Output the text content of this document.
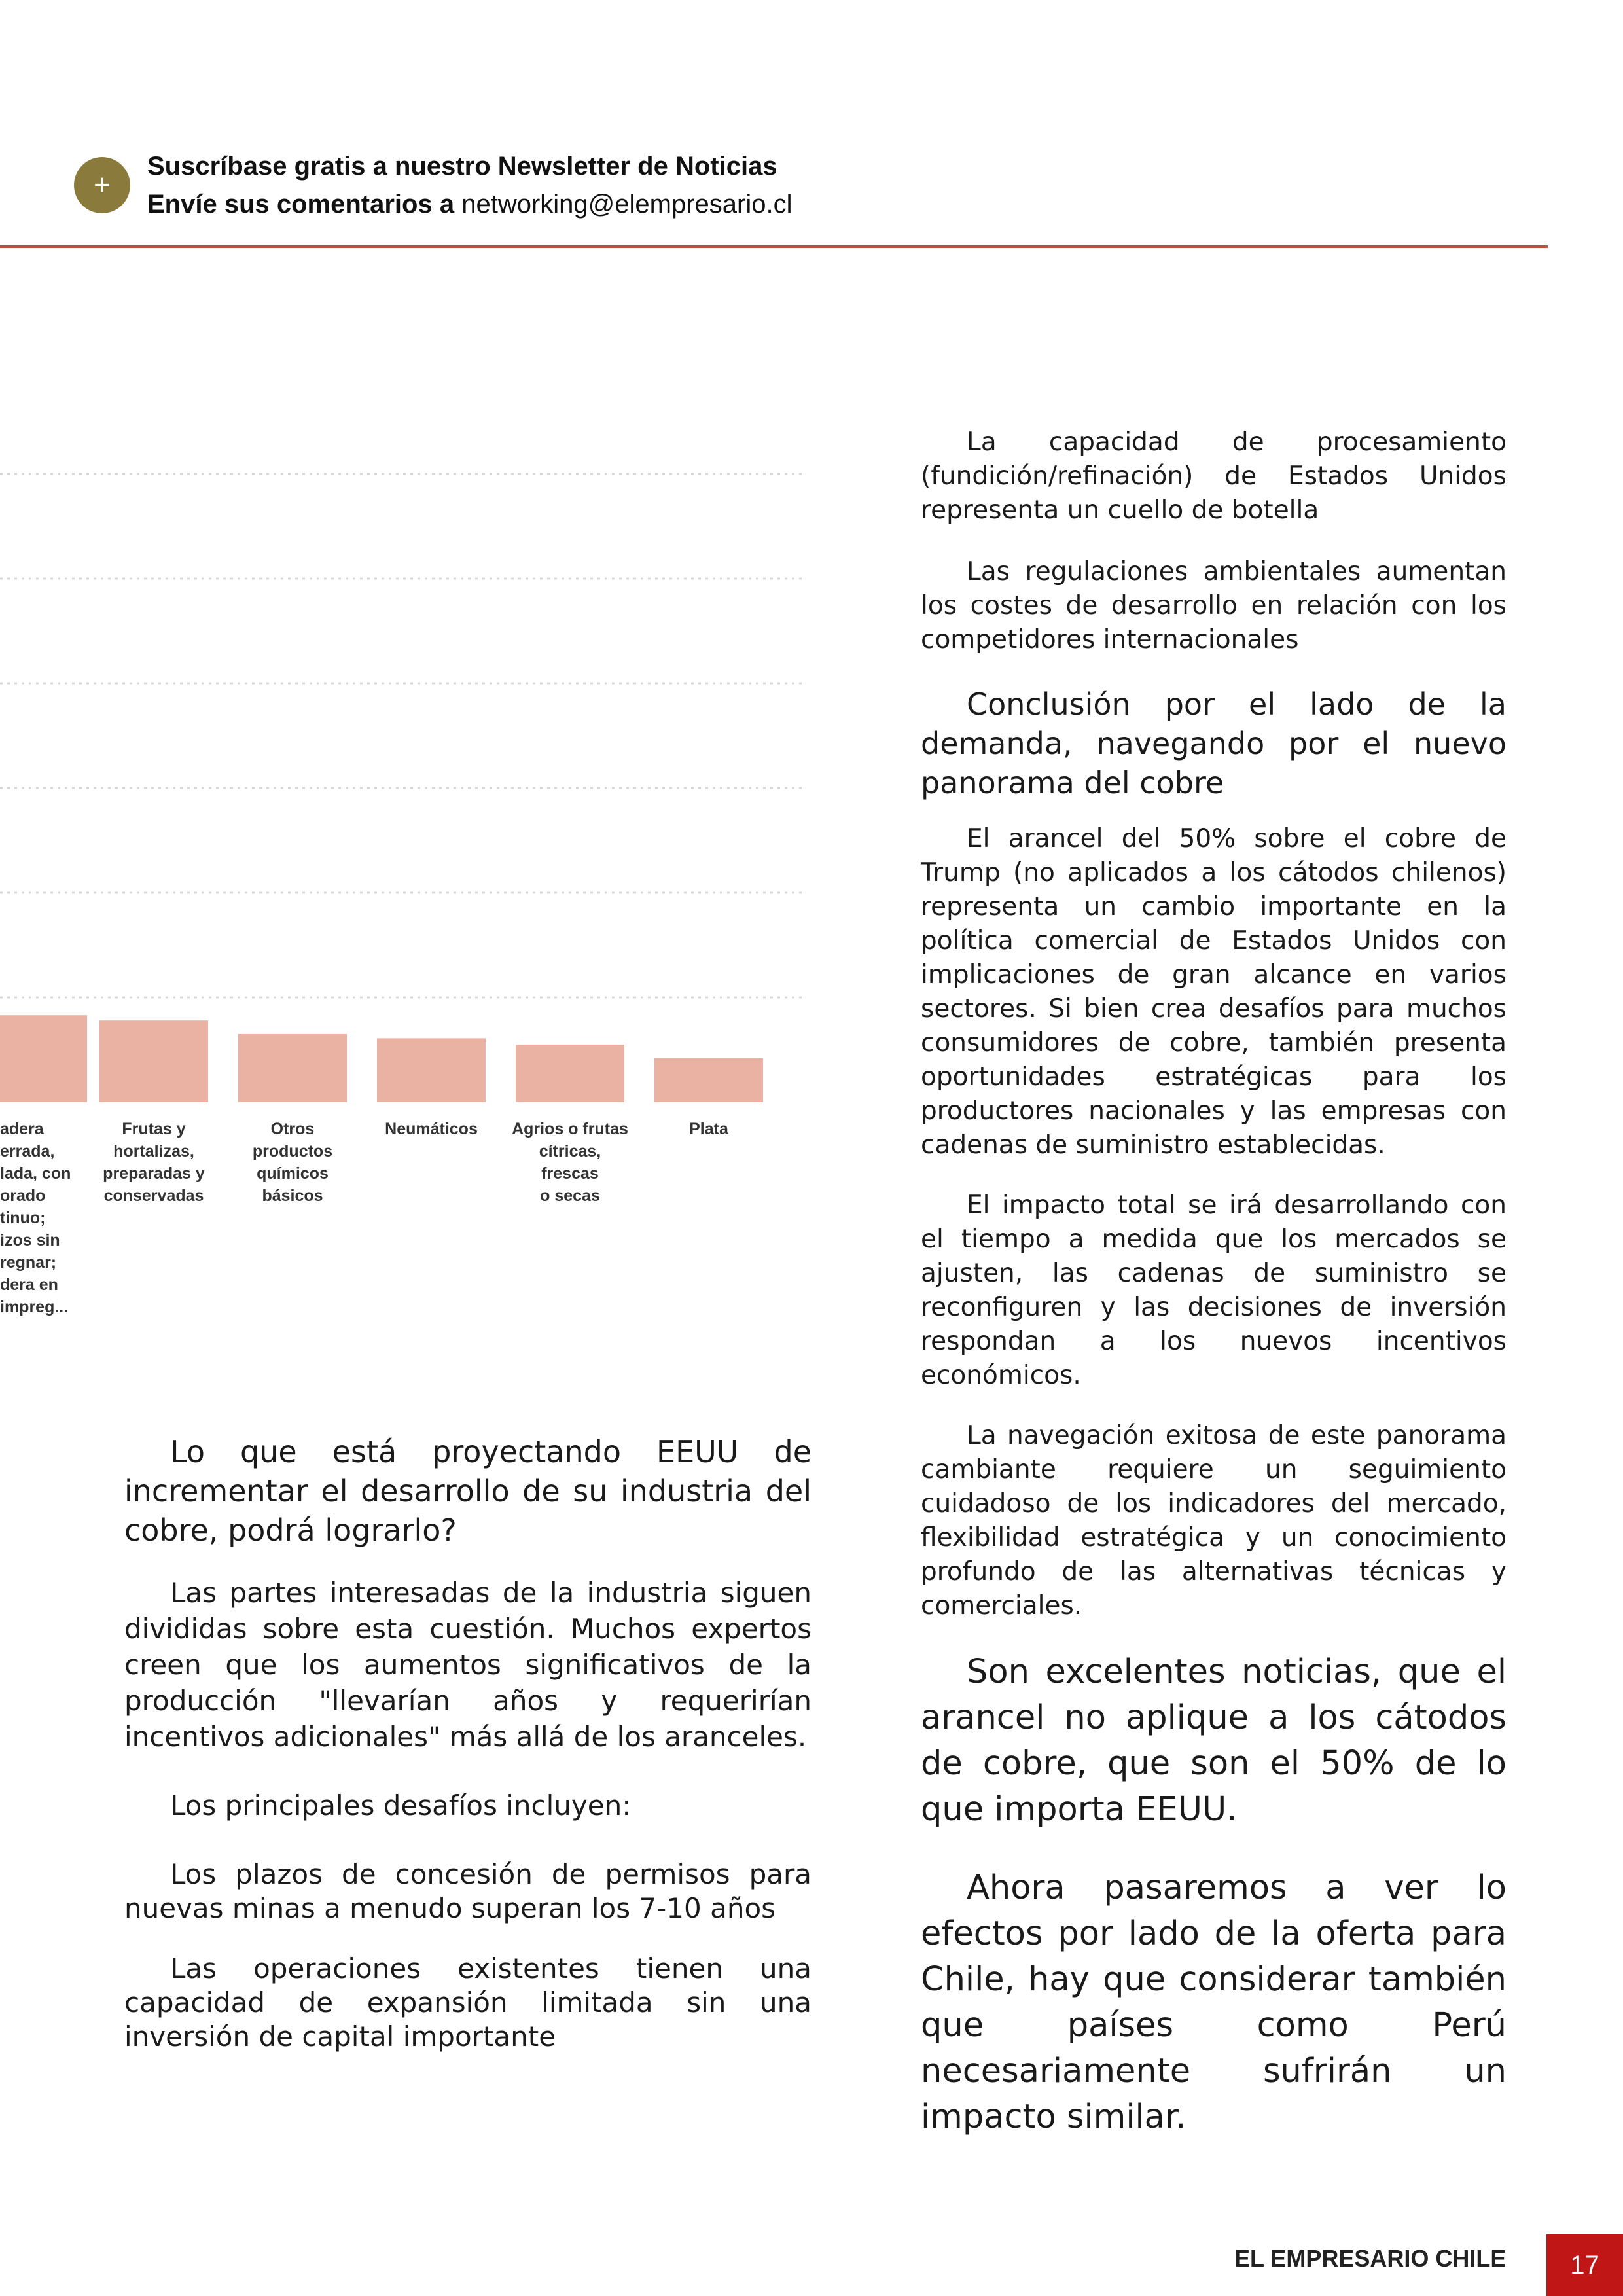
+
Suscríbase gratis a nuestro Newsletter de Noticias
Envíe sus comentarios a networking@elempresario.cl
adera
errada,
lada, con
orado
tinuo;
izos sin
regnar;
dera en
impreg...
Frutas y
hortalizas,
preparadas y
conservadas
Otros
productos
químicos
básicos
Neumáticos	Agrios o frutas
cítricas, frescas
o secas
Plata

Lo que está proyectando EEUU de incrementar el desarrollo de su industria del cobre, podrá lograrlo?

Las partes interesadas de la industria siguen divididas sobre esta cuestión. Muchos expertos creen que los aumentos significativos de la producción "llevarían años y requerirían incentivos adicionales" más allá de los aranceles.

Los principales desafíos incluyen:

Los plazos de concesión de permisos para nuevas minas a menudo superan los 7-10 años

Las operaciones existentes tienen una capacidad de expansión limitada sin una inversión de capital importante

La capacidad de procesamiento (fundición/refinación) de Estados Unidos representa un cuello de botella

Las regulaciones ambientales aumentan los costes de desarrollo en relación con los competidores internacionales

Conclusión por el lado de la demanda, navegando por el nuevo panorama del cobre

El arancel del 50% sobre el cobre de Trump (no aplicados a los cátodos chilenos) representa un cambio importante en la política comercial de Estados Unidos con implicaciones de gran alcance en varios sectores. Si bien crea desafíos para muchos consumidores de cobre, también presenta oportunidades estratégicas para los productores nacionales y las empresas con cadenas de suministro establecidas.

El impacto total se irá desarrollando con el tiempo a medida que los mercados se ajusten, las cadenas de suministro se reconfiguren y las decisiones de inversión respondan a los nuevos incentivos económicos.

La navegación exitosa de este panorama cambiante requiere un seguimiento cuidadoso de los indicadores del mercado, flexibilidad estratégica y un conocimiento profundo de las alternativas técnicas y comerciales.

Son excelentes noticias, que el arancel no aplique a los cátodos de cobre, que son el 50% de lo que importa EEUU.

Ahora pasaremos a ver lo efectos por lado de la oferta para Chile, hay que considerar también que países como Perú necesariamente sufrirán un impacto similar.

EL EMPRESARIO CHILE	17
